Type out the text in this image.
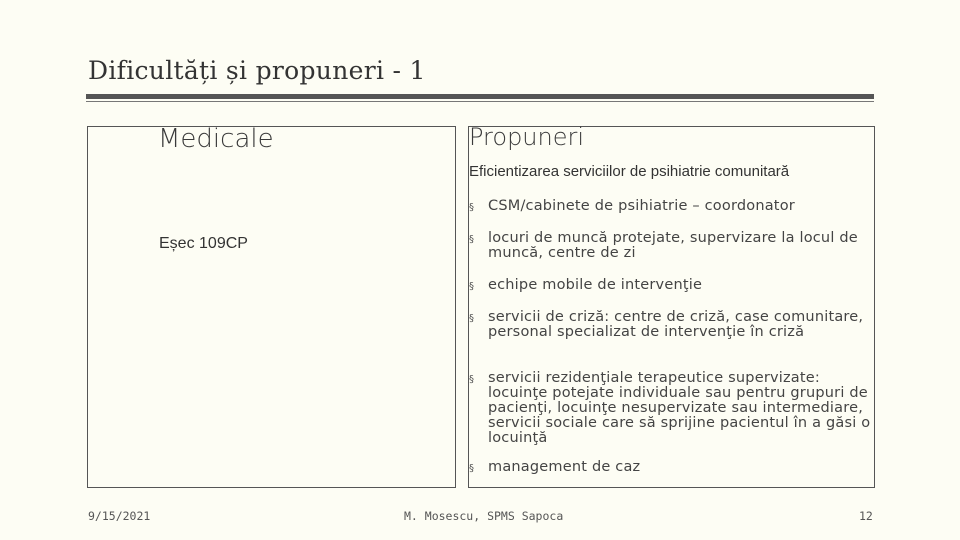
Dificultăți și propuneri - 1
Medicale
Eșec 109CP
Propuneri
Eficientizarea serviciilor de psihiatrie comunitară
§ CSM/cabinete de psihiatrie – coordonator
§ locuri de muncă protejate, supervizare la locul de muncă, centre de zi
§ echipe mobile de intervenţie
§ servicii de criză: centre de criză, case comunitare, personal specializat de intervenţie în criză
§ servicii rezidenţiale terapeutice supervizate: locuinţe potejate individuale sau pentru grupuri de pacienţi, locuinţe nesupervizate sau intermediare, servicii sociale care să sprijine pacientul în a găsi o locuinţă
§ management de caz
9/15/2021	M. Mosescu, SPMS Sapoca	12
